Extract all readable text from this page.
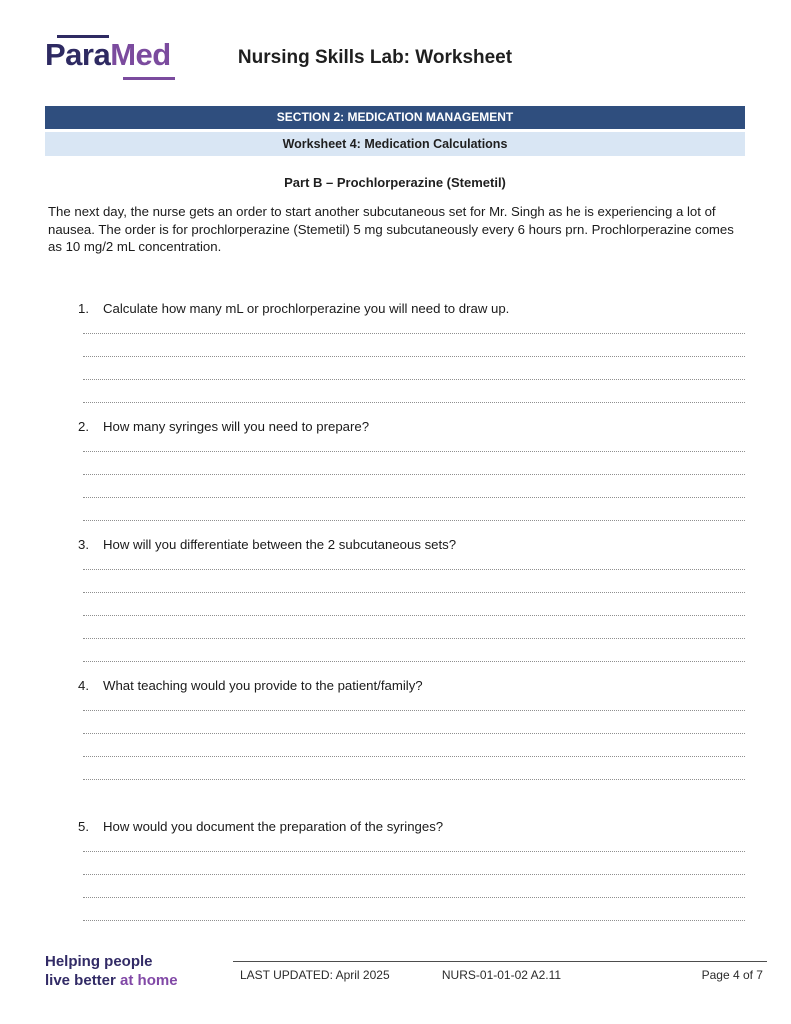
ParaMed	Nursing Skills Lab: Worksheet
SECTION 2: MEDICATION MANAGEMENT
Worksheet 4: Medication Calculations
Part B – Prochlorperazine (Stemetil)

The next day, the nurse gets an order to start another subcutaneous set for Mr. Singh as he is experiencing a lot of nausea. The order is for prochlorperazine (Stemetil) 5 mg subcutaneously every 6 hours prn. Prochlorperazine comes as 10 mg/2 mL concentration.

1. Calculate how many mL or prochlorperazine you will need to draw up.
2. How many syringes will you need to prepare?
3. How will you differentiate between the 2 subcutaneous sets?
4. What teaching would you provide to the patient/family?
5. How would you document the preparation of the syringes?
Helping people
live better at home	LAST UPDATED: April 2025	NURS-01-01-02 A2.11	Page 4 of 7
